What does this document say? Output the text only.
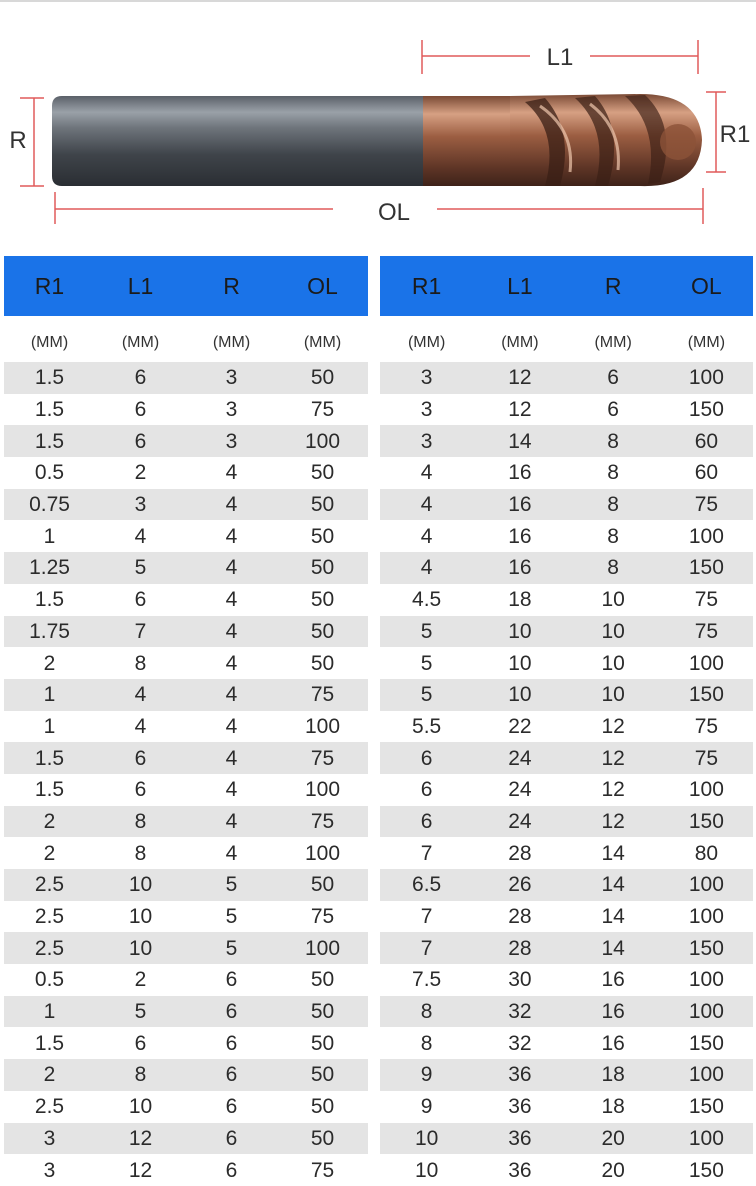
L1
R	R1
OL
R1	L1	R	OL
(MM)	(MM)	(MM)	(MM)
1.5	6	3	50
1.5	6	3	75
1.5	6	3	100
0.5	2	4	50
0.75	3	4	50
1	4	4	50
1.25	5	4	50
1.5	6	4	50
1.75	7	4	50
2	8	4	50
1	4	4	75
1	4	4	100
1.5	6	4	75
1.5	6	4	100
2	8	4	75
2	8	4	100
2.5	10	5	50
2.5	10	5	75
2.5	10	5	100
0.5	2	6	50
1	5	6	50
1.5	6	6	50
2	8	6	50
2.5	10	6	50
3	12	6	50
3	12	6	75
R1	L1	R	OL
(MM)	(MM)	(MM)	(MM)
3	12	6	100
3	12	6	150
3	14	8	60
4	16	8	60
4	16	8	75
4	16	8	100
4	16	8	150
4.5	18	10	75
5	10	10	75
5	10	10	100
5	10	10	150
5.5	22	12	75
6	24	12	75
6	24	12	100
6	24	12	150
7	28	14	80
6.5	26	14	100
7	28	14	100
7	28	14	150
7.5	30	16	100
8	32	16	100
8	32	16	150
9	36	18	100
9	36	18	150
10	36	20	100
10	36	20	150
